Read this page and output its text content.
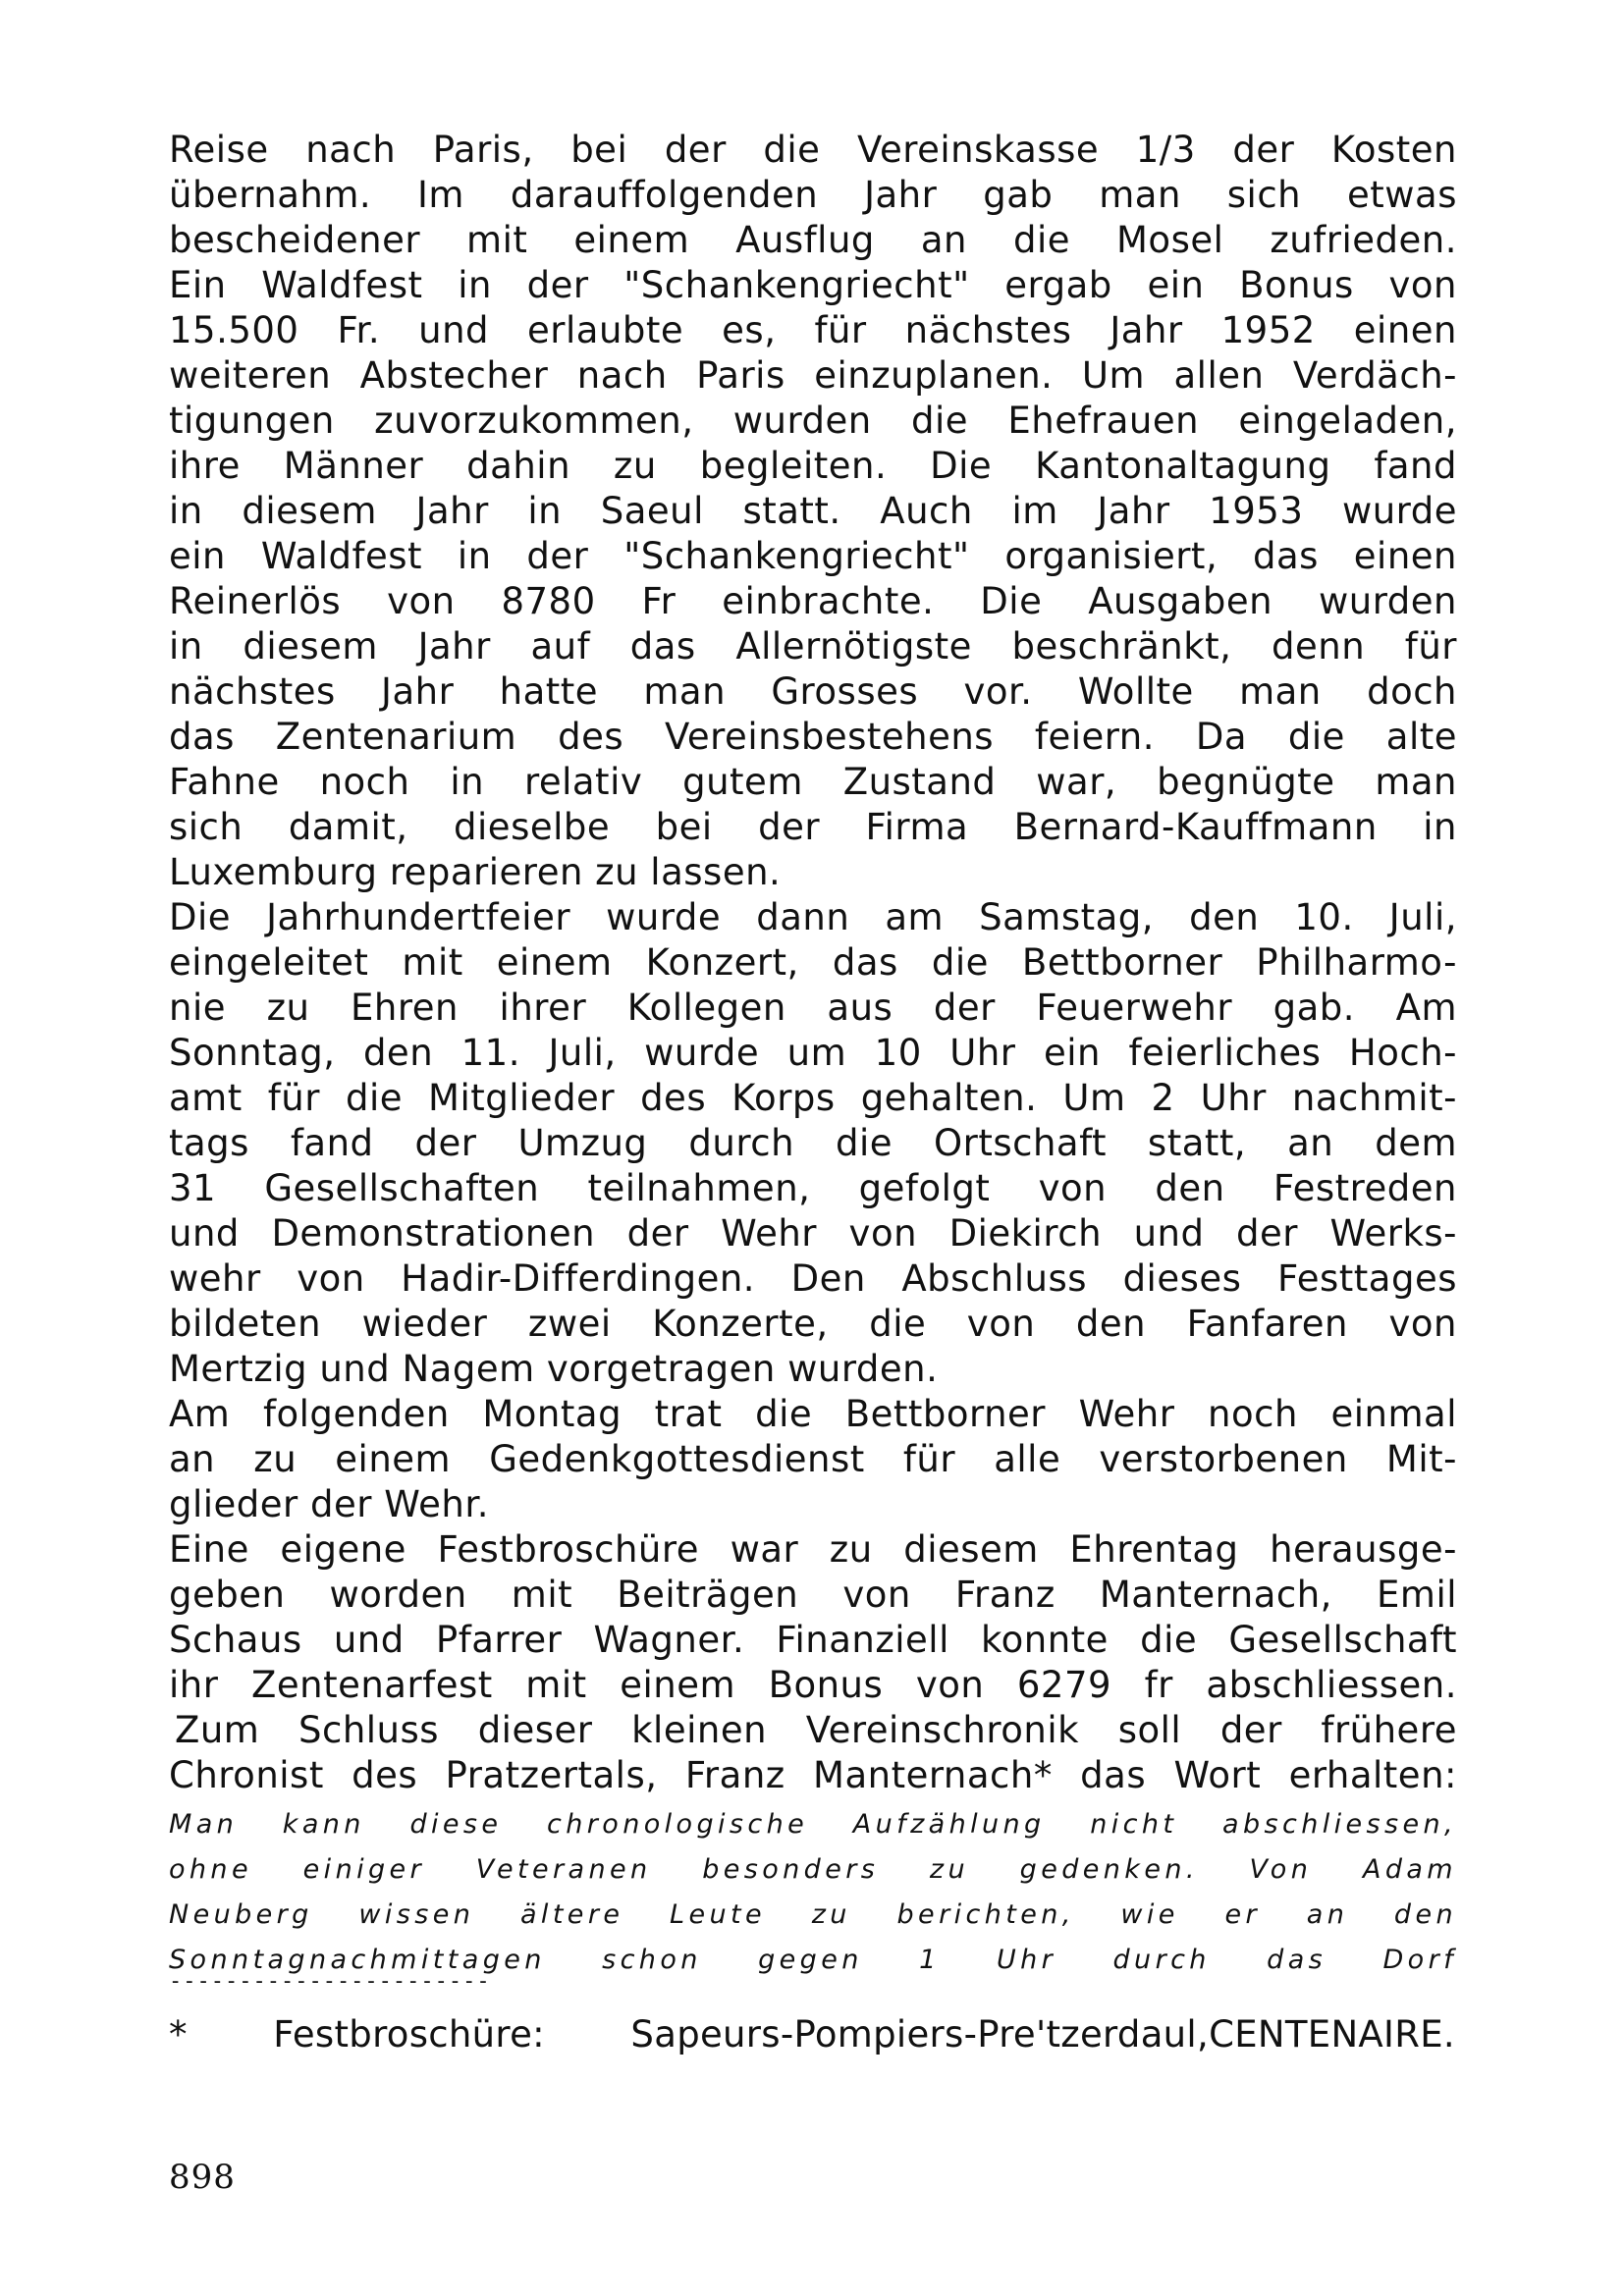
Reise nach Paris, bei der die Vereinskasse 1/3 der Kosten
übernahm. Im darauffolgenden Jahr gab man sich etwas
bescheidener mit einem Ausflug an die Mosel zufrieden.
Ein Waldfest in der "Schankengriecht" ergab ein Bonus von
15.500 Fr. und erlaubte es, für nächstes Jahr 1952 einen
weiteren Abstecher nach Paris einzuplanen. Um allen Verdäch-
tigungen zuvorzukommen, wurden die Ehefrauen eingeladen,
ihre Männer dahin zu begleiten. Die Kantonaltagung fand
in diesem Jahr in Saeul statt. Auch im Jahr 1953 wurde
ein Waldfest in der "Schankengriecht" organisiert, das einen
Reinerlös von 8780 Fr einbrachte. Die Ausgaben wurden
in diesem Jahr auf das Allernötigste beschränkt, denn für
nächstes Jahr hatte man Grosses vor. Wollte man doch
das Zentenarium des Vereinsbestehens feiern. Da die alte
Fahne noch in relativ gutem Zustand war, begnügte man
sich damit, dieselbe bei der Firma Bernard-Kauffmann in
Luxemburg reparieren zu lassen.
Die Jahrhundertfeier wurde dann am Samstag, den 10. Juli,
eingeleitet mit einem Konzert, das die Bettborner Philharmo-
nie zu Ehren ihrer Kollegen aus der Feuerwehr gab. Am
Sonntag, den 11. Juli, wurde um 10 Uhr ein feierliches Hoch-
amt für die Mitglieder des Korps gehalten. Um 2 Uhr nachmit-
tags fand der Umzug durch die Ortschaft statt, an dem
31 Gesellschaften teilnahmen, gefolgt von den Festreden
und Demonstrationen der Wehr von Diekirch und der Werks-
wehr von Hadir-Differdingen. Den Abschluss dieses Festtages
bildeten wieder zwei Konzerte, die von den Fanfaren von
Mertzig und Nagem vorgetragen wurden.
Am folgenden Montag trat die Bettborner Wehr noch einmal
an zu einem Gedenkgottesdienst für alle verstorbenen Mit-
glieder der Wehr.
Eine eigene Festbroschüre war zu diesem Ehrentag herausge-
geben worden mit Beiträgen von Franz Manternach, Emil
Schaus und Pfarrer Wagner. Finanziell konnte die Gesellschaft
ihr Zentenarfest mit einem Bonus von 6279 fr abschliessen.
Zum Schluss dieser kleinen Vereinschronik soll der frühere
Chronist des Pratzertals, Franz Manternach* das Wort erhalten:
Man kann diese chronologische Aufzählung nicht abschliessen,
ohne einiger Veteranen besonders zu gedenken. Von Adam
Neuberg wissen ältere Leute zu berichten, wie er an den
Sonntagnachmittagen schon gegen 1 Uhr durch das Dorf
-----------------------
* Festbroschüre: Sapeurs-Pompiers-Pre'tzerdaul,CENTENAIRE.
898
